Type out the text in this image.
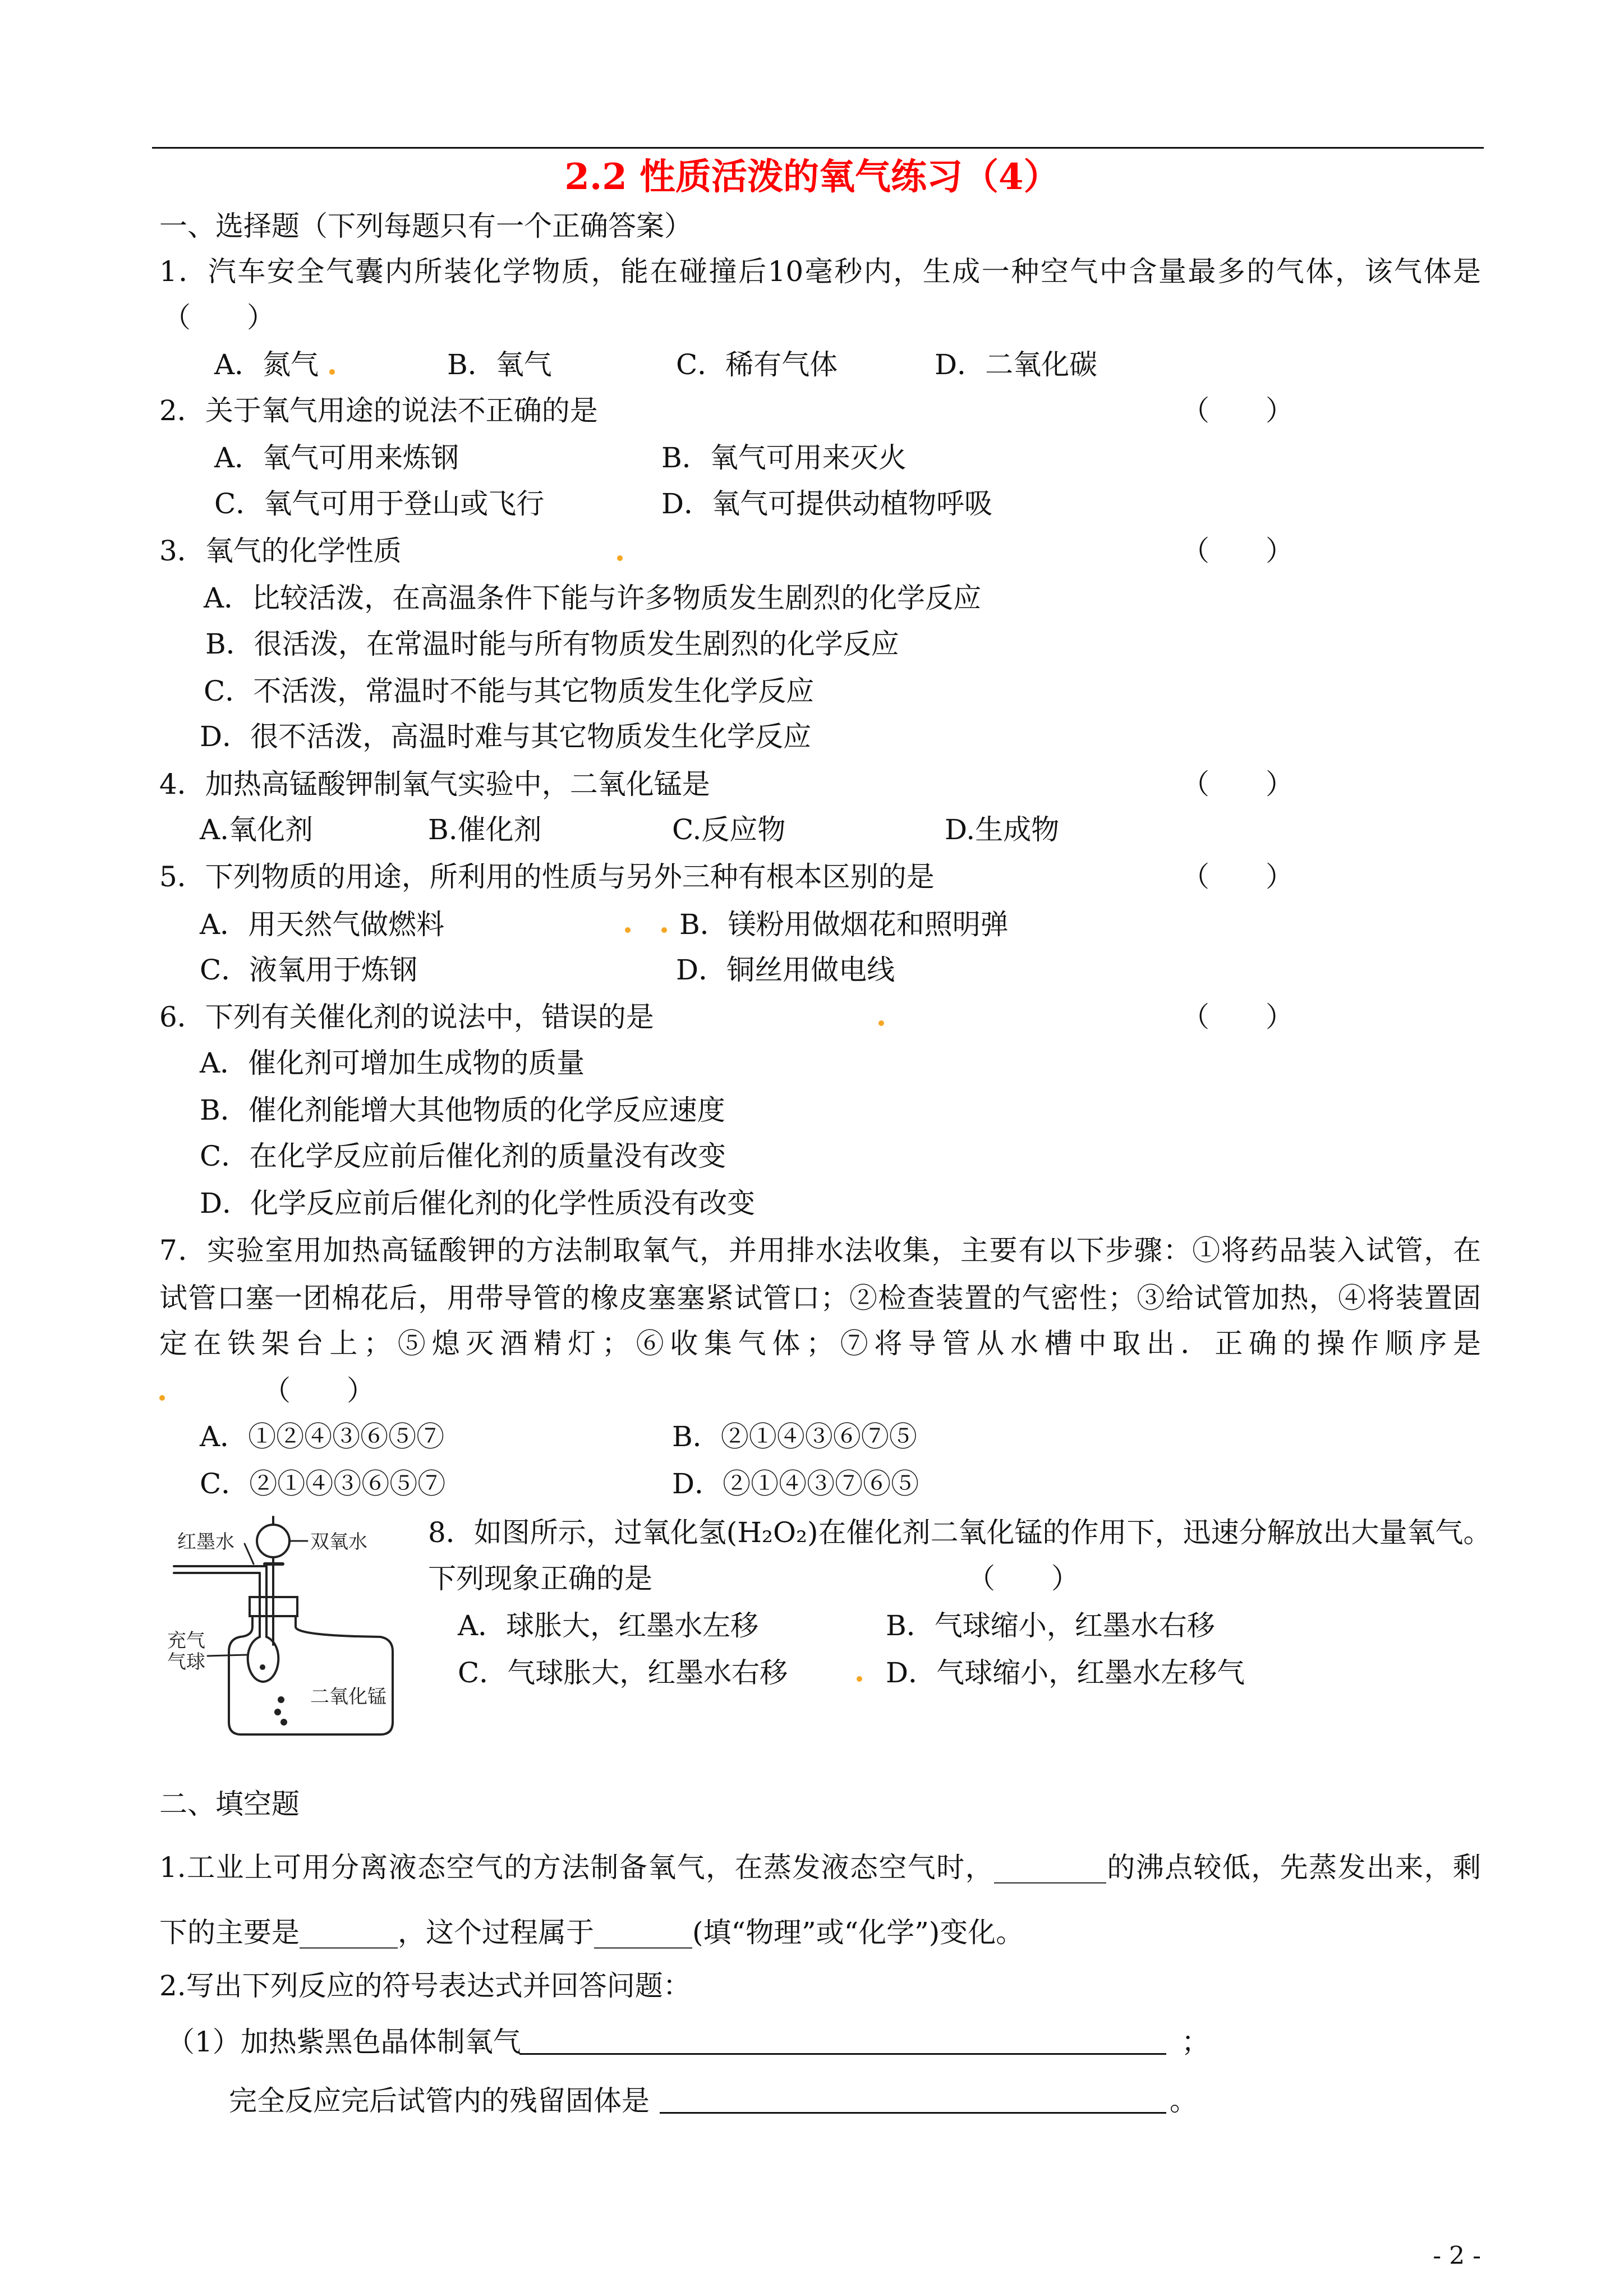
2.2 性质活泼的氧气练习（4）
一、选择题（下列每题只有一个正确答案）
1．汽车安全气囊内所装化学物质，能在碰撞后10毫秒内，生成一种空气中含量最多的气体，该气体是
（　　）
A．氮气	B．氧气	C．稀有气体	D．二氧化碳
2．关于氧气用途的说法不正确的是	（　　）
A．氧气可用来炼钢	B．氧气可用来灭火
C．氧气可用于登山或飞行	D．氧气可提供动植物呼吸
3．氧气的化学性质	（　　）
A．比较活泼，在高温条件下能与许多物质发生剧烈的化学反应
B．很活泼，在常温时能与所有物质发生剧烈的化学反应
C．不活泼，常温时不能与其它物质发生化学反应
D．很不活泼，高温时难与其它物质发生化学反应
4．加热高锰酸钾制氧气实验中，二氧化锰是	（　　）
A.氧化剂	B.催化剂	C.反应物	D.生成物
5．下列物质的用途，所利用的性质与另外三种有根本区别的是	（　　）
A．用天然气做燃料	B．镁粉用做烟花和照明弹
C．液氧用于炼钢	D．铜丝用做电线
6．下列有关催化剂的说法中，错误的是	（　　）
A．催化剂可增加生成物的质量
B．催化剂能增大其他物质的化学反应速度
C．在化学反应前后催化剂的质量没有改变
D．化学反应前后催化剂的化学性质没有改变
7．实验室用加热高锰酸钾的方法制取氧气，并用排水法收集，主要有以下步骤：①将药品装入试管，在
试管口塞一团棉花后，用带导管的橡皮塞塞紧试管口；②检查装置的气密性；③给试管加热，④将装置固
定在铁架台上；⑤熄灭酒精灯；⑥收集气体；⑦将导管从水槽中取出．正确的操作顺序是
（　　）
A．①②④③⑥⑤⑦	B．②①④③⑥⑦⑤
C．②①④③⑥⑤⑦	D．②①④③⑦⑥⑤
红墨水	双氧水
充气
气球
二氧化锰
8．如图所示，过氧化氢(H₂O₂)在催化剂二氧化锰的作用下，迅速分解放出大量氧气。
下列现象正确的是	（　　）
A．球胀大，红墨水左移	B．气球缩小，红墨水右移
C．气球胀大，红墨水右移	D．气球缩小，红墨水左移气
二、填空题
1.工业上可用分离液态空气的方法制备氧气，在蒸发液态空气时，________的沸点较低，先蒸发出来，剩
下的主要是_______，这个过程属于_______(填“物理”或“化学”)变化。
2.写出下列反应的符号表达式并回答问题：
（1）加热紫黑色晶体制氧气	；
完全反应完后试管内的残留固体是	。
- 2 -
